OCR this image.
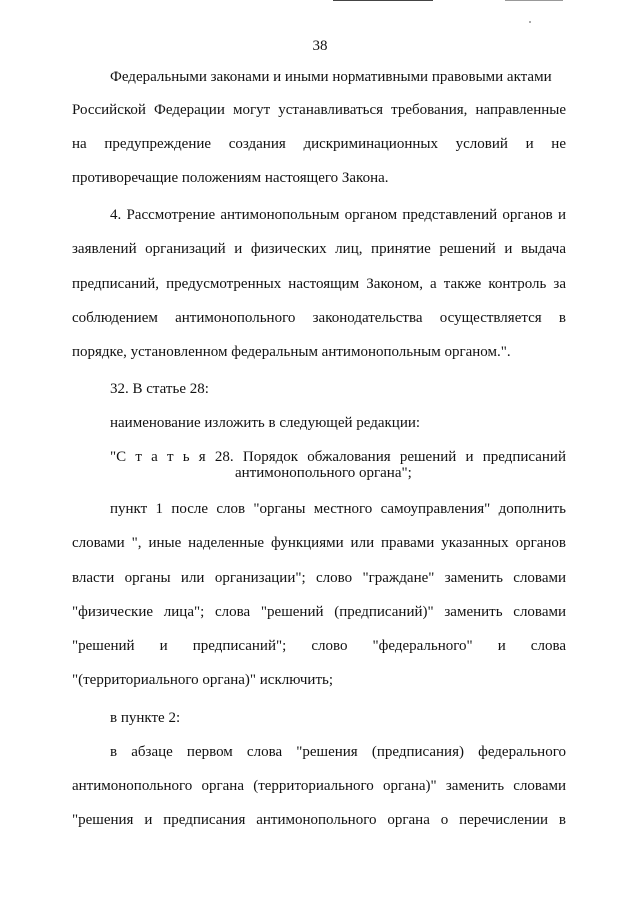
38
Федеральными законами и иными нормативными правовыми актами
Российской Федерации могут устанавливаться требования, направленные
на предупреждение создания дискриминационных условий и не
противоречащие положениям настоящего Закона.
4. Рассмотрение антимонопольным органом представлений органов и
заявлений организаций и физических лиц, принятие решений и выдача
предписаний, предусмотренных настоящим Законом, а также контроль за
соблюдением антимонопольного законодательства осуществляется в
порядке, установленном федеральным антимонопольным органом.".
32. В статье 28:
наименование изложить в следующей редакции:
"С т а т ь я 28. Порядок обжалования решений и предписаний
антимонопольного органа";
пункт 1 после слов "органы местного самоуправления" дополнить
словами ", иные наделенные функциями или правами указанных органов
власти органы или организации"; слово "граждане" заменить словами
"физические лица"; слова "решений (предписаний)" заменить словами
"решений и предписаний"; слово "федерального" и слова
"(территориального органа)" исключить;
в пункте 2:
в абзаце первом слова "решения (предписания) федерального
антимонопольного органа (территориального органа)" заменить словами
"решения и предписания антимонопольного органа о перечислении в
